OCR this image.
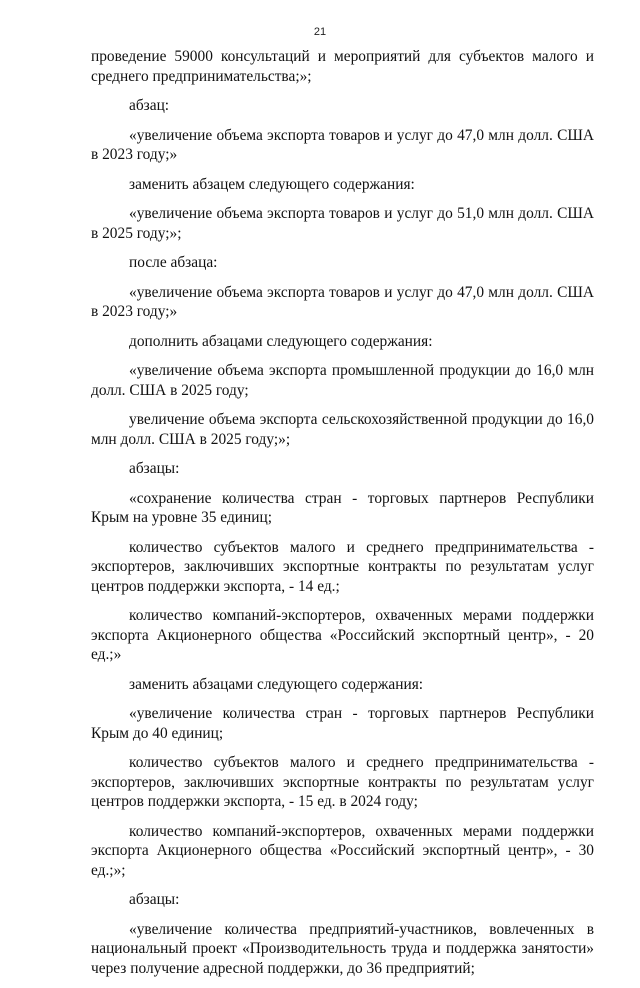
21

проведение 59000 консультаций и мероприятий для субъектов малого и среднего предпринимательства;»;

абзац:

«увеличение объема экспорта товаров и услуг до 47,0 млн долл. США в 2023 году;»

заменить абзацем следующего содержания:

«увеличение объема экспорта товаров и услуг до 51,0 млн долл. США в 2025 году;»;

после абзаца:

«увеличение объема экспорта товаров и услуг до 47,0 млн долл. США в 2023 году;»

дополнить абзацами следующего содержания:

«увеличение объема экспорта промышленной продукции до 16,0 млн долл. США в 2025 году;

увеличение объема экспорта сельскохозяйственной продукции до 16,0 млн долл. США в 2025 году;»;

абзацы:

«сохранение количества стран - торговых партнеров Республики Крым на уровне 35 единиц;

количество субъектов малого и среднего предпринимательства - экспортеров, заключивших экспортные контракты по результатам услуг центров поддержки экспорта, - 14 ед.;

количество компаний-экспортеров, охваченных мерами поддержки экспорта Акционерного общества «Российский экспортный центр», - 20 ед.;»

заменить абзацами следующего содержания:

«увеличение количества стран - торговых партнеров Республики Крым до 40 единиц;

количество субъектов малого и среднего предпринимательства - экспортеров, заключивших экспортные контракты по результатам услуг центров поддержки экспорта, - 15 ед. в 2024 году;

количество компаний-экспортеров, охваченных мерами поддержки экспорта Акционерного общества «Российский экспортный центр», - 30 ед.;»;

абзацы:

«увеличение количества предприятий-участников, вовлеченных в национальный проект «Производительность труда и поддержка занятости» через получение адресной поддержки, до 36 предприятий;
